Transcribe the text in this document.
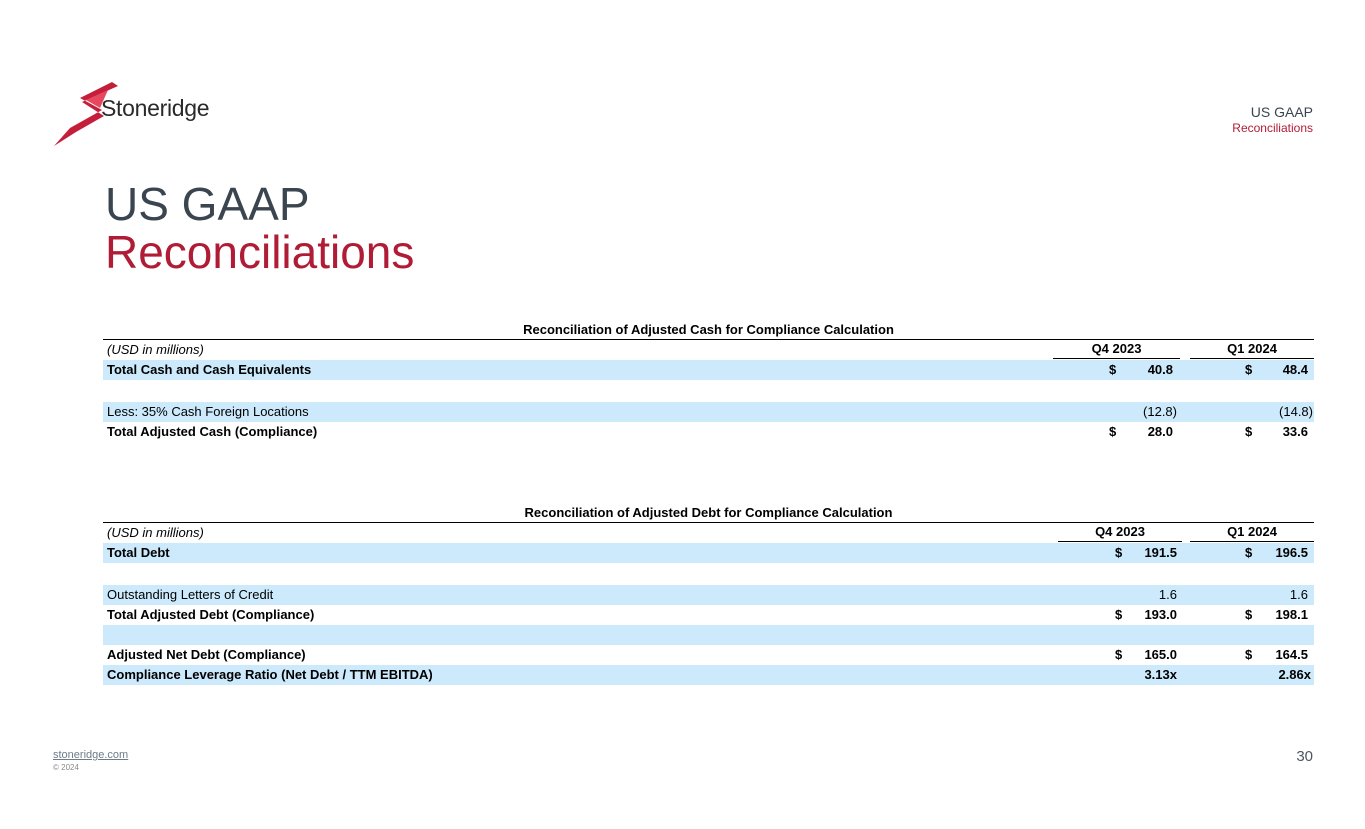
Stoneridge	US GAAP
Reconciliations
US GAAP
Reconciliations
Reconciliation of Adjusted Cash for Compliance Calculation
(USD in millions)	Q4 2023	Q1 2024
Total Cash and Cash Equivalents	$ 40.8	$ 48.4
Less: 35% Cash Foreign Locations	(12.8)	(14.8)
Total Adjusted Cash (Compliance)	$ 28.0	$ 33.6
Reconciliation of Adjusted Debt for Compliance Calculation
(USD in millions)	Q4 2023	Q1 2024
Total Debt	$ 191.5	$ 196.5
Outstanding Letters of Credit	1.6	1.6
Total Adjusted Debt (Compliance)	$ 193.0	$ 198.1
Adjusted Net Debt (Compliance)	$ 165.0	$ 164.5
Compliance Leverage Ratio (Net Debt / TTM EBITDA)	3.13x	2.86x
stoneridge.com
© 2024
30
